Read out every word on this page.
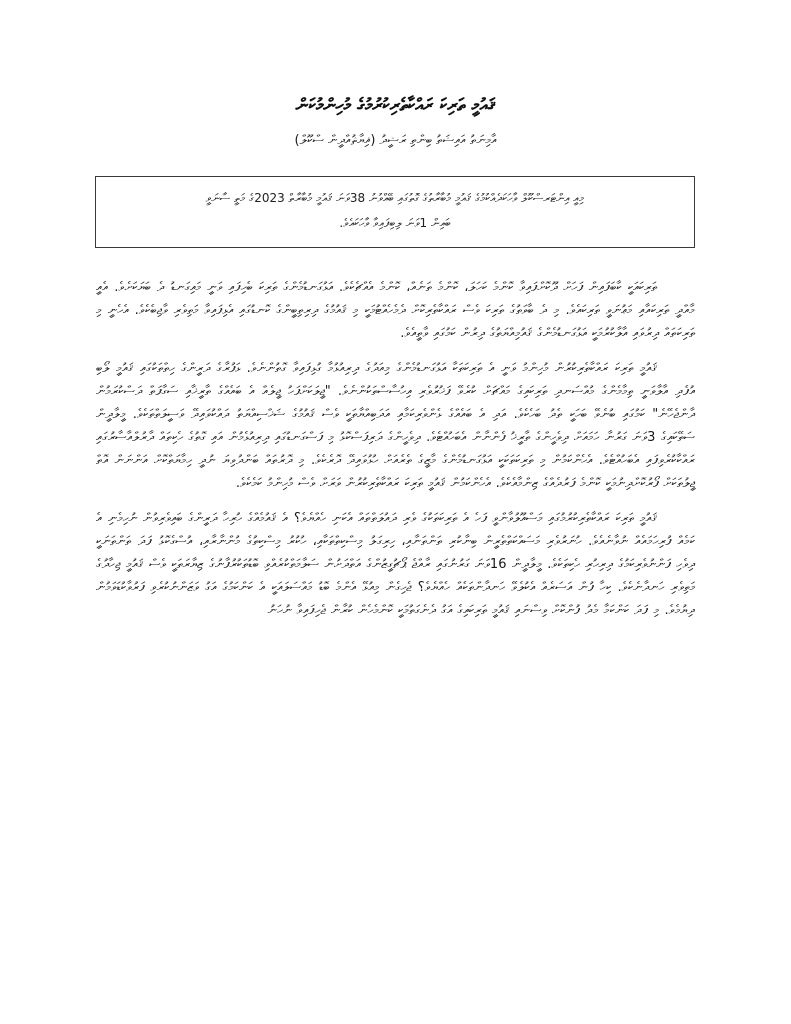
ޤައުމީ ތަރިކަ ރައްކާތެރިކުރުމުގެ މުހިންމުކަން
އާމިނަތު އައިޝަތު ބިންތި ރަޝީދު (ޣިޔާޘުއްދީން ސްކޫލް)
މިއީ އިންޓަރސްކޫލް ވާހަކަދެއްކުމުގެ ޤައުމީ މުބާރާތުގެ ގޮތުގައި ބޭއްވުނު 38ވަނަ ޤައުމީ މުބާރާތް 2023ގެ މަތީ ސާނަވީ
ބައިން 1ވަނަ ލިބިފައިވާ ވާހަކައެވެ.

ތަރިކައަކީ ކާބަފައިން ފަހަށް ދޫކޮށްފައިވާ ކޮންމެ ކަހަލަ، ކޮންމެ ތަނެއް، ކޮންމެ އެއްޗެކެވެ. އަޅުގަނޑުމެންގެ ތަރިކަ ބެހިފައި ވަނީ މައިގަނޑު ދެ ބަޔަކަށެވެ. އެއީ މާއްދީ ތަރިކައާއި މަޢުނަވީ ތަރިކައެވެ. މި ދެ ބާވަތުގެ ތަރިކަ ވެސް ރައްކާތެރިކޮށް ދެމެހެއްޓުމަކީ މި ޤައުމުގެ ދިރިތިބީންގެ ކޮނޑުގައި އެޅިފައިވާ މަތިވެރި ވާޖިބެކެވެ. އެހެނީ މި ތަރިކަތައް ދިރުވައި އާލާކުރުމަކީ އަޅުގަނޑުމެންގެ ޤައުމިއްޔަތުގެ ދިރުން ކަމުގައި ވާތީއެވެ.

ޤައުމީ ތަރިކަ ރައްކާތެރިކުރުން މުހިންމު ވަނީ އެ ތަރިކަތަކާ އަޅުގަނޑުމެންގެ މިއަދުގެ ދިރިއުޅުމާ ގުޅިފައިވާ ގޮތުންނެވެ. ޅަފުރާގެ ދަރީންގެ ހިތްތަކުގައި ޤައުމީ ލޯބި އުފެދި އާލާވަނީ ތިމާމެންގެ މުއްސަނދި ތަރިކައިގެ މައްޗަށް ކުރެވޭ ފަޚުރުވެރި އިހުސާސްތަކުންނެވެ. "ޖީލަކަށްފަހު ޖީލެއް އެ ބައެއްގެ ތާރީޚާއި ސަގާފަތް ދަސްކުރަމުން ދާންޖެހޭނެ" ކަމުގައި ބުނެވޭ ބަހަކީ ތެދު ބަހެކެވެ. އަދި އެ ބައެއްގެ ޅެންވެރިކަމާއި އަދަބިއްޔާތަކީ ވެސް ޤައުމުގެ ޝަޚްސިއްޔަތު ދައްކުވައިދޭ ވަސީލަތްތަކެވެ. މީލާދީން ސަތޭކައިގެ 3ވަނަ ގަރުނާ ހަމައަށް ދިވެހީންގެ ތާރީޚު ފެންނާން އެބަހުއްޓެވެ. ދިވެހީންގެ ދަރިފަސްކޮޅު މި ފަސްގަނޑުގައި ދިރިއުޅެމުން އައި ގޮތުގެ ހެކިތައް ދާރުލްއާސާރުގައި ރައްކާކުރެވިފައި އެބަހުއްޓެވެ. އެހެންކަމުން މި ތަރިކަތަކަކީ އަޅުގަނޑުމެންގެ މާޒީގެ ތެރެއަށް ހުޅުވައިދޭ ދޮރެކެވެ. މި ދޮރުތައް ބަންދުވިޔަ ނުދީ ހިމާޔަތްކޮށް އަންނަން އޮތް ޖީލުތަކަށް ފޯރުކޮށްދިނުމަކީ ކޮންމެ ފަރުދެއްގެ ޒިންމާއެކެވެ. އެހެންކަމުން ޤައުމީ ތަރިކަ ރައްކާތެރިކުރުން ވަރަށް ވެސް މުހިންމު ކަމެކެވެ.

ޤައުމީ ތަރިކަ ރައްކާތެރިކުރުމުގައި މަސްއޫލުވާންވީ ފަހެ އެ ތަރިކަތަކުގެ ވެރި ދައުލަތްތައް އެކަނި ހެއްޔެވެ؟ އެ ޤައުމެއްގެ ހުރިހާ ދަރީންގެ ބައިވެރިވުން ނުހިމެނި އެ ކަމެއް ފުރިހަމައެއް ނުވާނެއެވެ. ހުނަރުވެރި މަސައްކަތްތެރީން ބިނާކުރި ތަންތަނާއި، ހިރިގަލު މިސްކިތްތަކާއި، ހުކުރު މިސްކިތުގެ މުންނާރާއި، އުސްގެކޮޅު ފަދަ ތަންތަނަކީ ދިވެހި ފަންނުވެރިކަމުގެ ދިރިހުރި ހެކިތަކެވެ. މީލާދީން 16ވަނަ ގަރުނުގައި ރާއްޖެ ޕޯޗުގީޒުންގެ އަތްދަށުން ސަލާމަތްކުރެއްވި ބޮޑުތަކުރުފާނުގެ ޒިޔާރަތަކީ ވެސް ޤައުމީ ޖިހާދުގެ މަތިވެރި ހަނދާނެކެވެ. ކިހާ ފުން އަސަރެއް އެކުލެވޭ ހަނދާންތަކެއް ހެއްޔެވެ؟ ޖެހިގެން މިއުޅޭ އެންމެ ބޮޑު މައްސަލައަކީ އެ ކަންކަމުގެ އަގު ވަޒަންނުކުރެވި ފަރުވާކުޑަވަމުން ދިޔުމެވެ. މި ފަދަ ކަންކަމާ މެދު ފުންކޮށް ވިސްނައި ޤައުމީ ތަރިކައިގެ އަގު ދެނެގަތުމަކީ ކޮންމެހެން ކުރާން ޖެހިފައިވާ ނުހަނު
